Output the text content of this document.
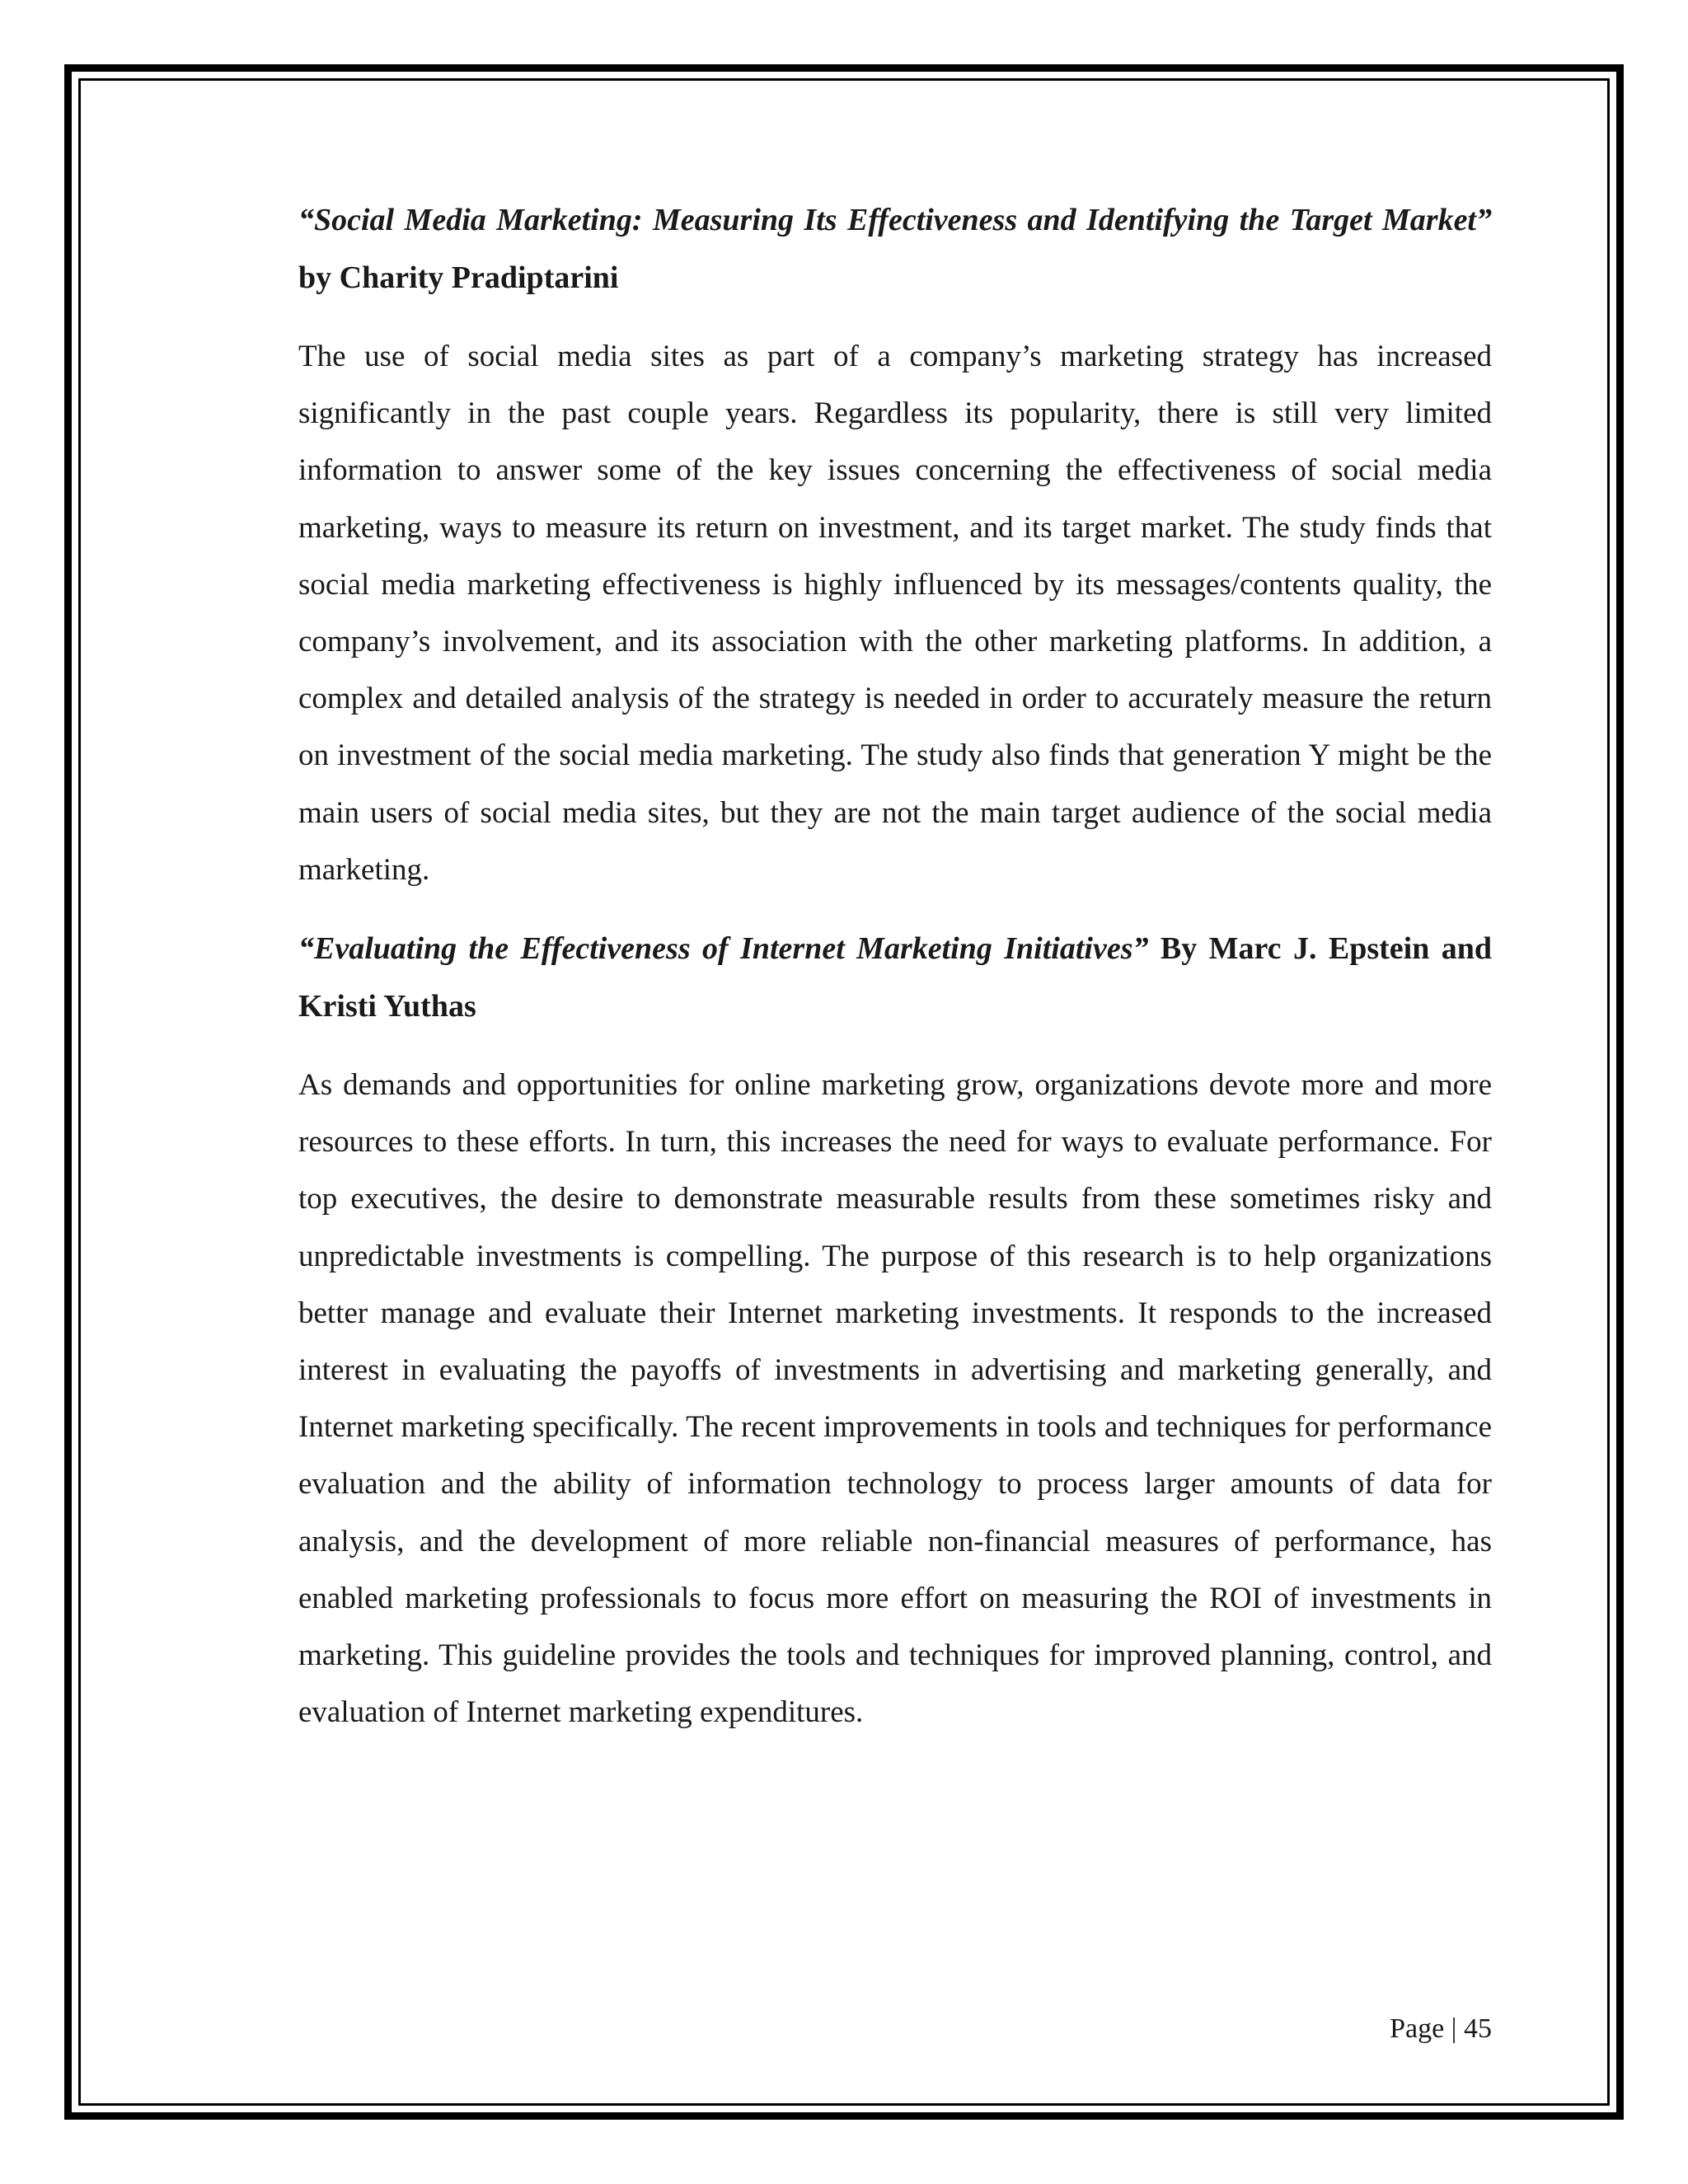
“Social Media Marketing: Measuring Its Effectiveness and Identifying the Target Market” by Charity Pradiptarini

The use of social media sites as part of a company’s marketing strategy has increased significantly in the past couple years. Regardless its popularity, there is still very limited information to answer some of the key issues concerning the effectiveness of social media marketing, ways to measure its return on investment, and its target market. The study finds that social media marketing effectiveness is highly influenced by its messages/contents quality, the company’s involvement, and its association with the other marketing platforms. In addition, a complex and detailed analysis of the strategy is needed in order to accurately measure the return on investment of the social media marketing. The study also finds that generation Y might be the main users of social media sites, but they are not the main target audience of the social media marketing.

“Evaluating the Effectiveness of Internet Marketing Initiatives” By Marc J. Epstein and Kristi Yuthas

As demands and opportunities for online marketing grow, organizations devote more and more resources to these efforts. In turn, this increases the need for ways to evaluate performance. For top executives, the desire to demonstrate measurable results from these sometimes risky and unpredictable investments is compelling. The purpose of this research is to help organizations better manage and evaluate their Internet marketing investments. It responds to the increased interest in evaluating the payoffs of investments in advertising and marketing generally, and Internet marketing specifically. The recent improvements in tools and techniques for performance evaluation and the ability of information technology to process larger amounts of data for analysis, and the development of more reliable non-financial measures of performance, has enabled marketing professionals to focus more effort on measuring the ROI of investments in marketing. This guideline provides the tools and techniques for improved planning, control, and evaluation of Internet marketing expenditures.

Page | 45
